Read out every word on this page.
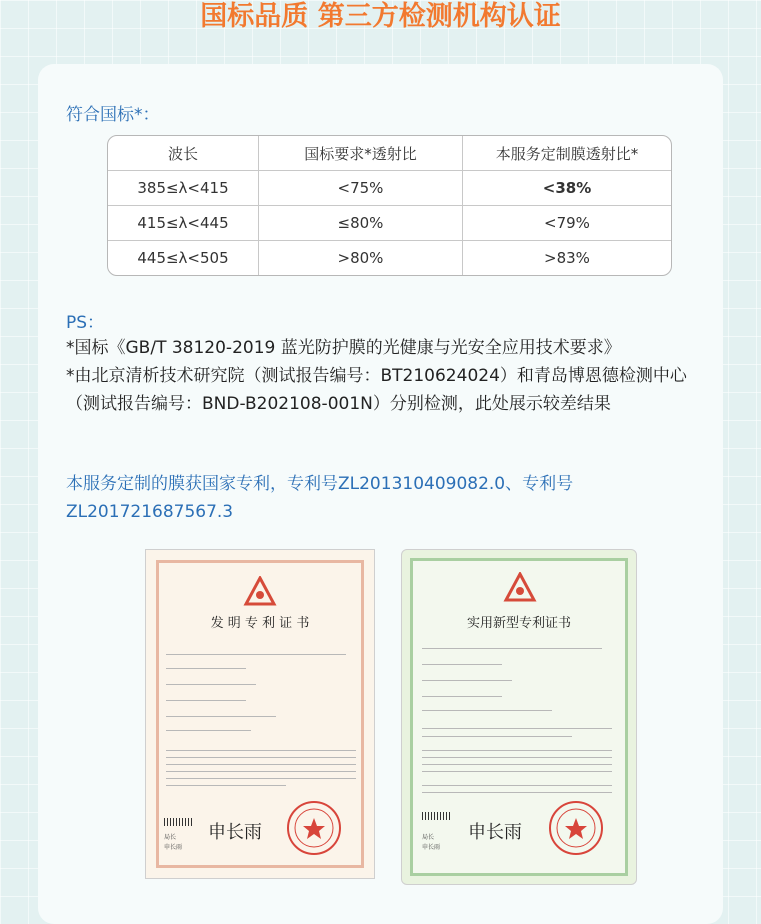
国标品质 第三方检测机构认证
符合国标*：
波长	国标要求*透射比	本服务定制膜透射比*
385≤λ<415	<75%	<38%
415≤λ<445	≤80%	<79%
445≤λ<505	>80%	>83%
PS：
*国标《GB/T 38120-2019 蓝光防护膜的光健康与光安全应用技术要求》
*由北京清析技术研究院（测试报告编号：BT210624024）和青岛博恩德检测中心（测试报告编号：BND-B202108-001N）分别检测，此处展示较差结果
本服务定制的膜获国家专利，专利号ZL201310409082.0、专利号ZL201721687567.3
发 明 专 利 证 书
申长雨
局长
申长雨
实用新型专利证书
申长雨
局长
申长雨
